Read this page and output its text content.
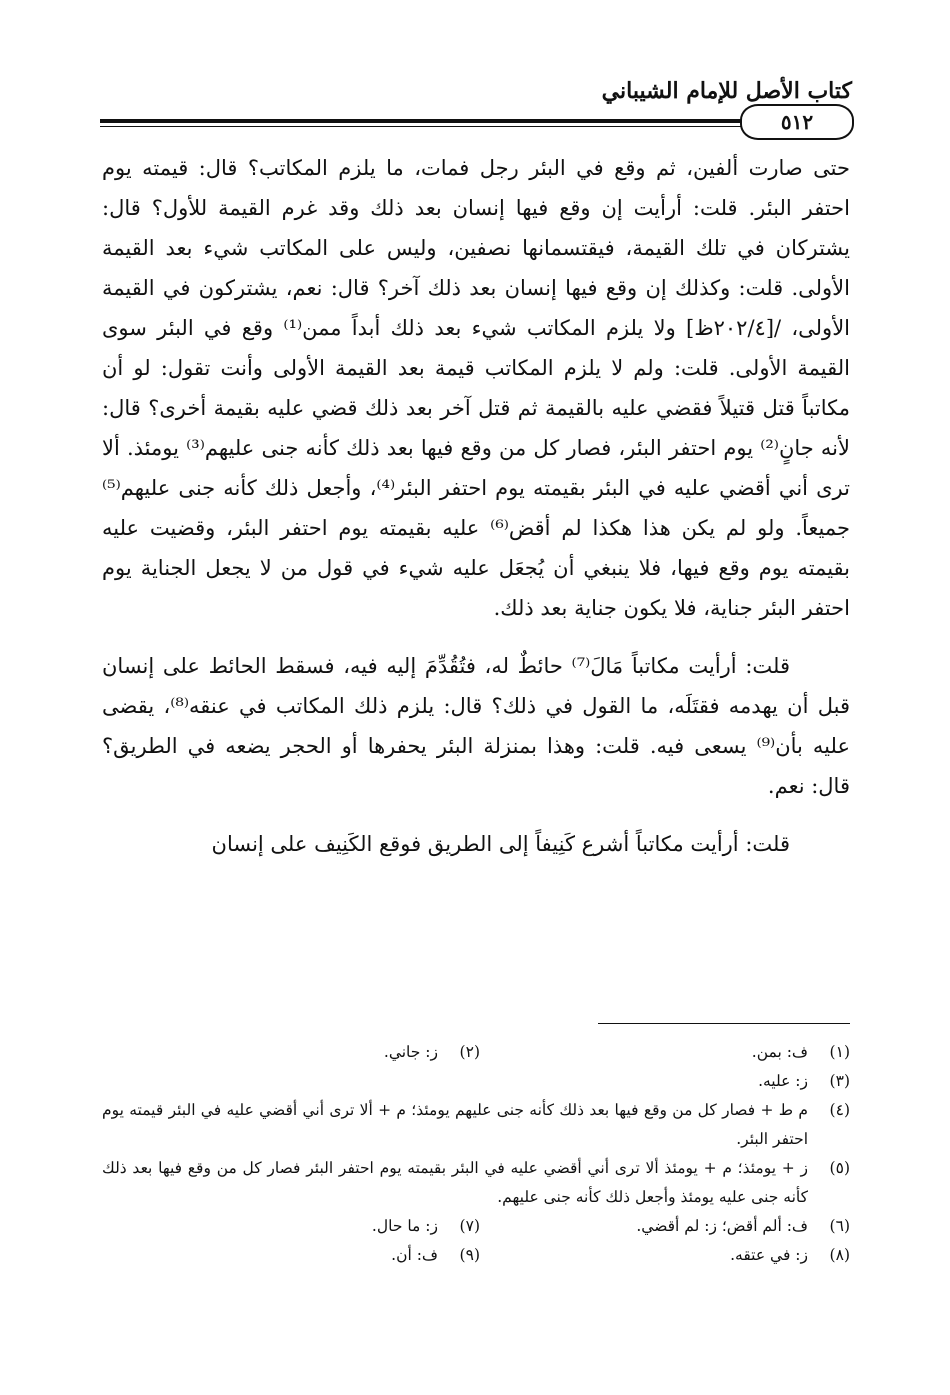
كتاب الأصل للإمام الشيباني
٥١٢

حتى صارت ألفين، ثم وقع في البئر رجل فمات، ما يلزم المكاتب؟ قال: قيمته يوم احتفر البئر. قلت: أرأيت إن وقع فيها إنسان بعد ذلك وقد غرم القيمة للأول؟ قال: يشتركان في تلك القيمة، فيقتسمانها نصفين، وليس على المكاتب شيء بعد القيمة الأولى. قلت: وكذلك إن وقع فيها إنسان بعد ذلك آخر؟ قال: نعم، يشتركون في القيمة الأولى، /[٢٠٢/٤ظ] ولا يلزم المكاتب شيء بعد ذلك أبداً ممن⁽¹⁾ وقع في البئر سوى القيمة الأولى. قلت: ولم لا يلزم المكاتب قيمة بعد القيمة الأولى وأنت تقول: لو أن مكاتباً قتل قتيلاً فقضي عليه بالقيمة ثم قتل آخر بعد ذلك قضي عليه بقيمة أخرى؟ قال: لأنه جانٍ⁽²⁾ يوم احتفر البئر، فصار كل من وقع فيها بعد ذلك كأنه جنى عليهم⁽³⁾ يومئذ. ألا ترى أني أقضي عليه في البئر بقيمته يوم احتفر البئر⁽⁴⁾، وأجعل ذلك كأنه جنى عليهم⁽⁵⁾ جميعاً. ولو لم يكن هذا هكذا لم أقض⁽⁶⁾ عليه بقيمته يوم احتفر البئر، وقضيت عليه بقيمته يوم وقع فيها، فلا ينبغي أن يُجعَل عليه شيء في قول من لا يجعل الجناية يوم احتفر البئر جناية، فلا يكون جناية بعد ذلك.

قلت: أرأيت مكاتباً مَالَ⁽⁷⁾ حائطٌ له، فتُقُدِّمَ إليه فيه، فسقط الحائط على إنسان قبل أن يهدمه فقتَلَه، ما القول في ذلك؟ قال: يلزم ذلك المكاتب في عنقه⁽⁸⁾، يقضى عليه بأن⁽⁹⁾ يسعى فيه. قلت: وهذا بمنزلة البئر يحفرها أو الحجر يضعه في الطريق؟ قال: نعم.

قلت: أرأيت مكاتباً أشرع كَنِيفاً إلى الطريق فوقع الكَنِيف على إنسان

(١)
ف: بمن.
(٢)
ز: جاني.
(٣)
ز: عليه.
(٤)
م ط + فصار كل من وقع فيها بعد ذلك كأنه جنى عليهم يومئذ؛ م + ألا ترى أني أقضي عليه في البئر قيمته يوم احتفر البئر.
(٥)
ز + يومئذ؛ م + يومئذ ألا ترى أني أقضي عليه في البئر بقيمته يوم احتفر البئر فصار كل من وقع فيها بعد ذلك كأنه جنى عليه يومئذ وأجعل ذلك كأنه جنى عليهم.
(٦)
ف: ألم أقض؛ ز: لم أقضي.
(٧)
ز: ما حال.
(٨)
ز: في عتقه.
(٩)
ف: أن.
